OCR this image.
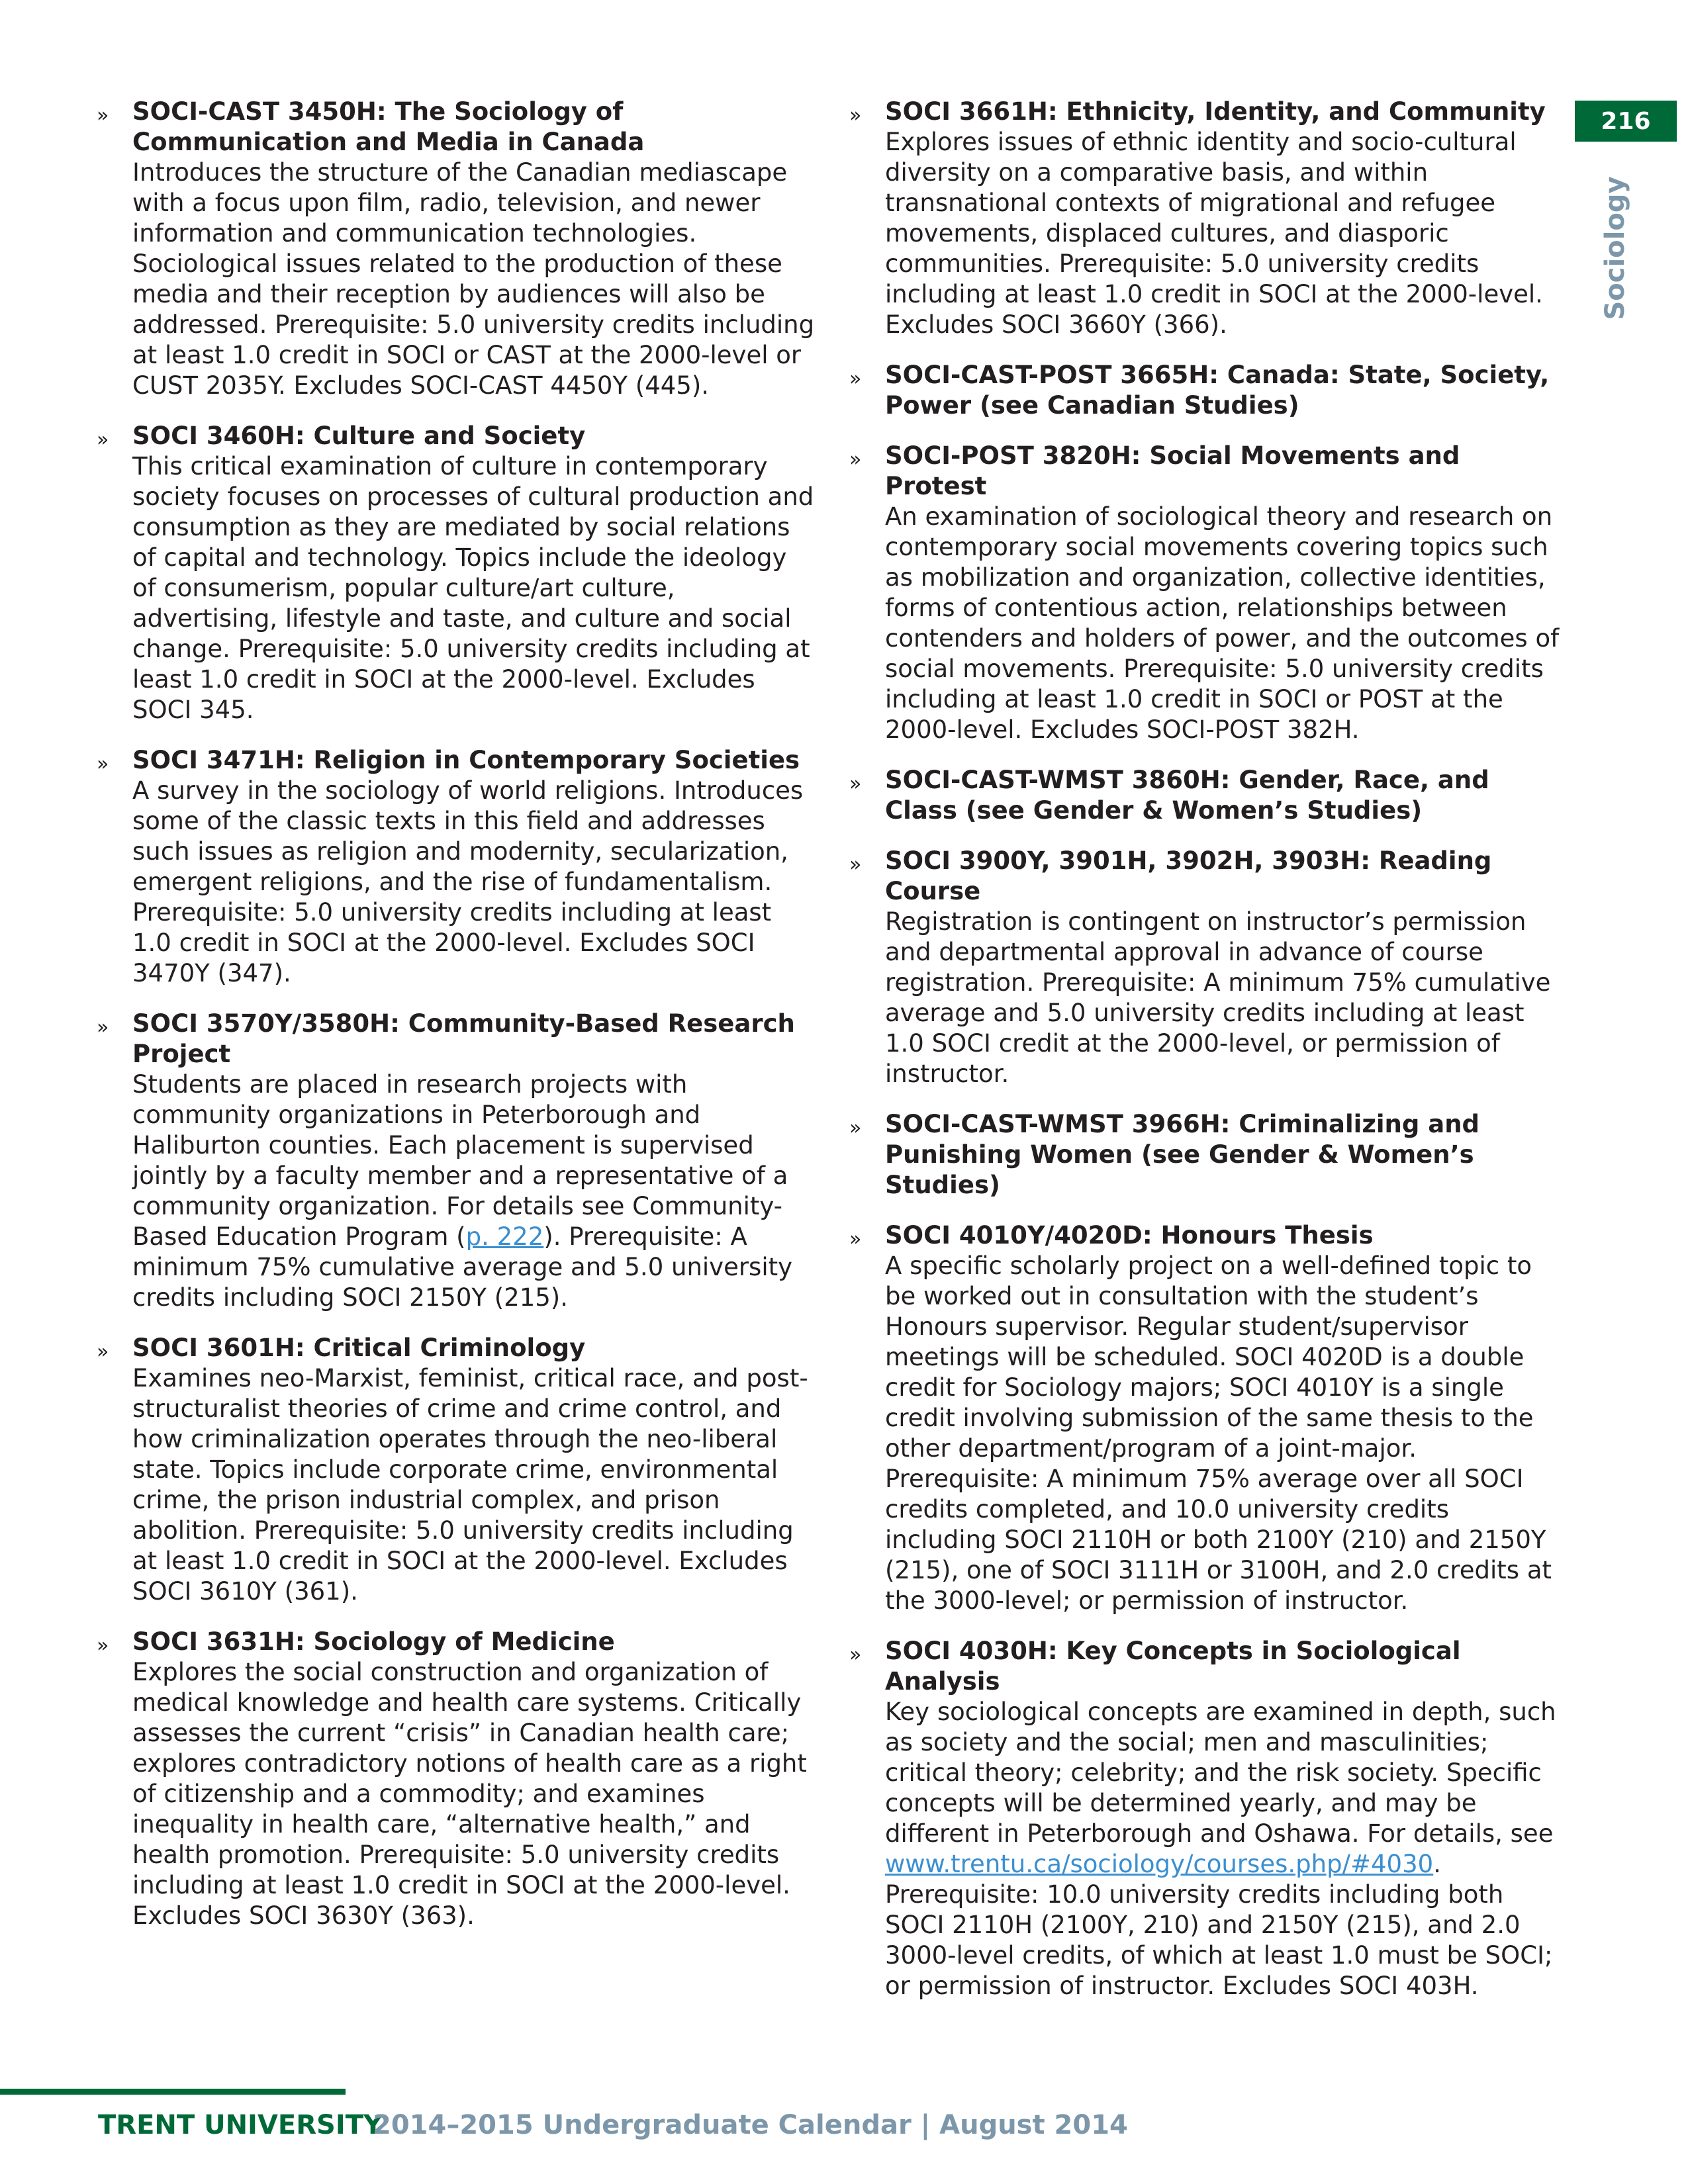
» SOCI-CAST 3450H: The Sociology of Communication and Media in Canada
Introduces the structure of the Canadian mediascape with a focus upon film, radio, television, and newer information and communication technologies. Sociological issues related to the production of these media and their reception by audiences will also be addressed. Prerequisite: 5.0 university credits including at least 1.0 credit in SOCI or CAST at the 2000-level or CUST 2035Y. Excludes SOCI-CAST 4450Y (445).
» SOCI 3460H: Culture and Society
This critical examination of culture in contemporary society focuses on processes of cultural production and consumption as they are mediated by social relations of capital and technology. Topics include the ideology of consumerism, popular culture/art culture, advertising, lifestyle and taste, and culture and social change. Prerequisite: 5.0 university credits including at least 1.0 credit in SOCI at the 2000-level. Excludes SOCI 345.
» SOCI 3471H: Religion in Contemporary Societies
A survey in the sociology of world religions. Introduces some of the classic texts in this field and addresses such issues as religion and modernity, secularization, emergent religions, and the rise of fundamentalism. Prerequisite: 5.0 university credits including at least 1.0 credit in SOCI at the 2000-level. Excludes SOCI 3470Y (347).
» SOCI 3570Y/3580H: Community-Based Research Project
Students are placed in research projects with community organizations in Peterborough and Haliburton counties. Each placement is supervised jointly by a faculty member and a representative of a community organization. For details see Community-Based Education Program (p. 222). Prerequisite: A minimum 75% cumulative average and 5.0 university credits including SOCI 2150Y (215).
» SOCI 3601H: Critical Criminology
Examines neo-Marxist, feminist, critical race, and post-structuralist theories of crime and crime control, and how criminalization operates through the neo-liberal state. Topics include corporate crime, environmental crime, the prison industrial complex, and prison abolition. Prerequisite: 5.0 university credits including at least 1.0 credit in SOCI at the 2000-level. Excludes SOCI 3610Y (361).
» SOCI 3631H: Sociology of Medicine
Explores the social construction and organization of medical knowledge and health care systems. Critically assesses the current “crisis” in Canadian health care; explores contradictory notions of health care as a right of citizenship and a commodity; and examines inequality in health care, “alternative health,” and health promotion. Prerequisite: 5.0 university credits including at least 1.0 credit in SOCI at the 2000-level. Excludes SOCI 3630Y (363).
» SOCI 3661H: Ethnicity, Identity, and Community
Explores issues of ethnic identity and socio-cultural diversity on a comparative basis, and within transnational contexts of migrational and refugee movements, displaced cultures, and diasporic communities. Prerequisite: 5.0 university credits including at least 1.0 credit in SOCI at the 2000-level. Excludes SOCI 3660Y (366).
» SOCI-CAST-POST 3665H: Canada: State, Society, Power (see Canadian Studies)
» SOCI-POST 3820H: Social Movements and Protest
An examination of sociological theory and research on contemporary social movements covering topics such as mobilization and organization, collective identities, forms of contentious action, relationships between contenders and holders of power, and the outcomes of social movements. Prerequisite: 5.0 university credits including at least 1.0 credit in SOCI or POST at the 2000-level. Excludes SOCI-POST 382H.
» SOCI-CAST-WMST 3860H: Gender, Race, and Class (see Gender & Women’s Studies)
» SOCI 3900Y, 3901H, 3902H, 3903H: Reading Course
Registration is contingent on instructor’s permission and departmental approval in advance of course registration. Prerequisite: A minimum 75% cumulative average and 5.0 university credits including at least 1.0 SOCI credit at the 2000-level, or permission of instructor.
» SOCI-CAST-WMST 3966H: Criminalizing and Punishing Women (see Gender & Women’s Studies)
» SOCI 4010Y/4020D: Honours Thesis
A specific scholarly project on a well-defined topic to be worked out in consultation with the student’s Honours supervisor. Regular student/supervisor meetings will be scheduled. SOCI 4020D is a double credit for Sociology majors; SOCI 4010Y is a single credit involving submission of the same thesis to the other department/program of a joint-major. Prerequisite: A minimum 75% average over all SOCI credits completed, and 10.0 university credits including SOCI 2110H or both 2100Y (210) and 2150Y (215), one of SOCI 3111H or 3100H, and 2.0 credits at the 3000-level; or permission of instructor.
» SOCI 4030H: Key Concepts in Sociological Analysis
Key sociological concepts are examined in depth, such as society and the social; men and masculinities; critical theory; celebrity; and the risk society. Specific concepts will be determined yearly, and may be different in Peterborough and Oshawa. For details, see www.trentu.ca/sociology/courses.php/#4030. Prerequisite: 10.0 university credits including both SOCI 2110H (2100Y, 210) and 2150Y (215), and 2.0 3000-level credits, of which at least 1.0 must be SOCI; or permission of instructor. Excludes SOCI 403H.
216
Sociology
TRENT UNIVERSITY
2014–2015 Undergraduate Calendar | August 2014
